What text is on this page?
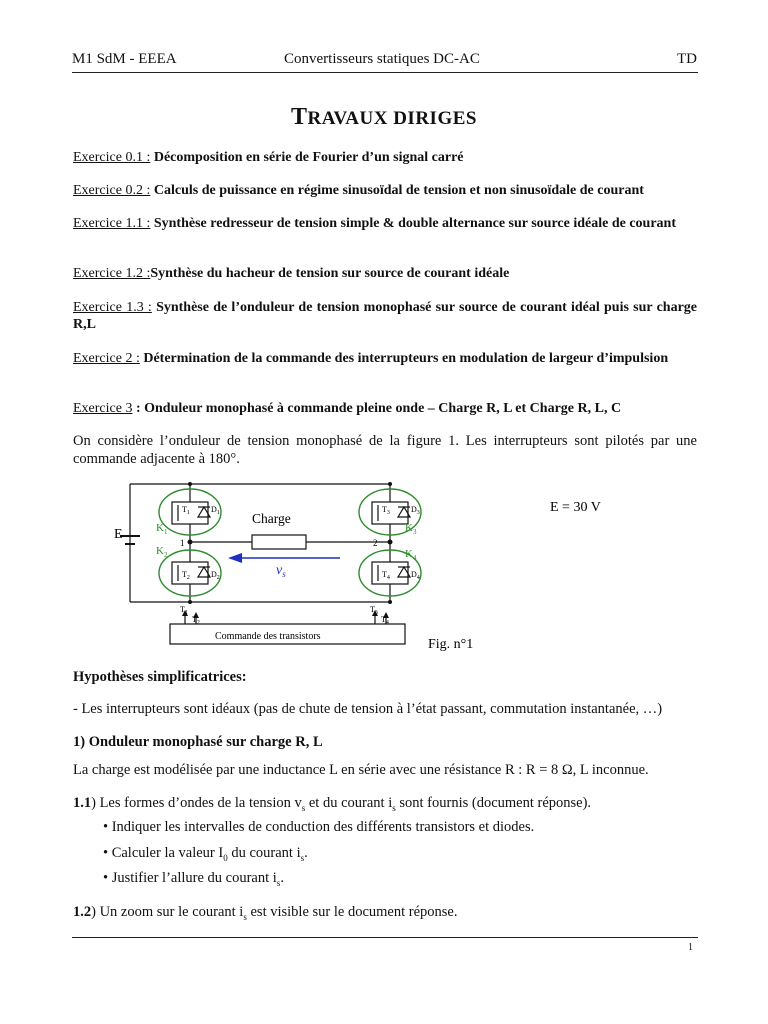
M1 SdM - EEEA	Convertisseurs statiques DC-AC	TD
TRAVAUX DIRIGES
Exercice 0.1 : Décomposition en série de Fourier d’un signal carré
Exercice 0.2 : Calculs de puissance en régime sinusoïdal de tension et non sinusoïdale de courant
Exercice 1.1 : Synthèse redresseur de tension simple & double alternance sur source idéale de courant
Exercice 1.2 :Synthèse du hacheur de tension sur source de courant idéale
Exercice 1.3 : Synthèse de l’onduleur de tension monophasé sur source de courant idéal puis sur charge R,L
Exercice 2 : Détermination de la commande des interrupteurs en modulation de largeur d’impulsion
Exercice 3 : Onduleur monophasé à commande pleine onde – Charge R, L et Charge R, L, C
On considère l’onduleur de tension monophasé de la figure 1. Les interrupteurs sont pilotés par une commande adjacente à 180°.
E
Charge
$v_s$
E = 30 V
1	2
Commande des transistors
$K_1$
$K_2$
$K_3$
$K_4$
$T_1$	$D_1$
$T_2$	$D_2$
$T_3$	$D_3$
$T_4$	$D_4$
$T_1$
$T_2$
$T_3$
$T_4$
Fig. n°1
Hypothèses simplificatrices:
- Les interrupteurs sont idéaux (pas de chute de tension à l’état passant, commutation instantanée, …)
1) Onduleur monophasé sur charge R, L
La charge est modélisée par une inductance L en série avec une résistance R : R = 8 Ω, L inconnue.
1.1) Les formes d’ondes de la tension $v_s$ et du courant $i_s$ sont fournis (document réponse).
• Indiquer les intervalles de conduction des différents transistors et diodes.
• Calculer la valeur $I_0$ du courant $i_s$.
• Justifier l’allure du courant $i_s$.
1.2) Un zoom sur le courant $i_s$ est visible sur le document réponse.
1
